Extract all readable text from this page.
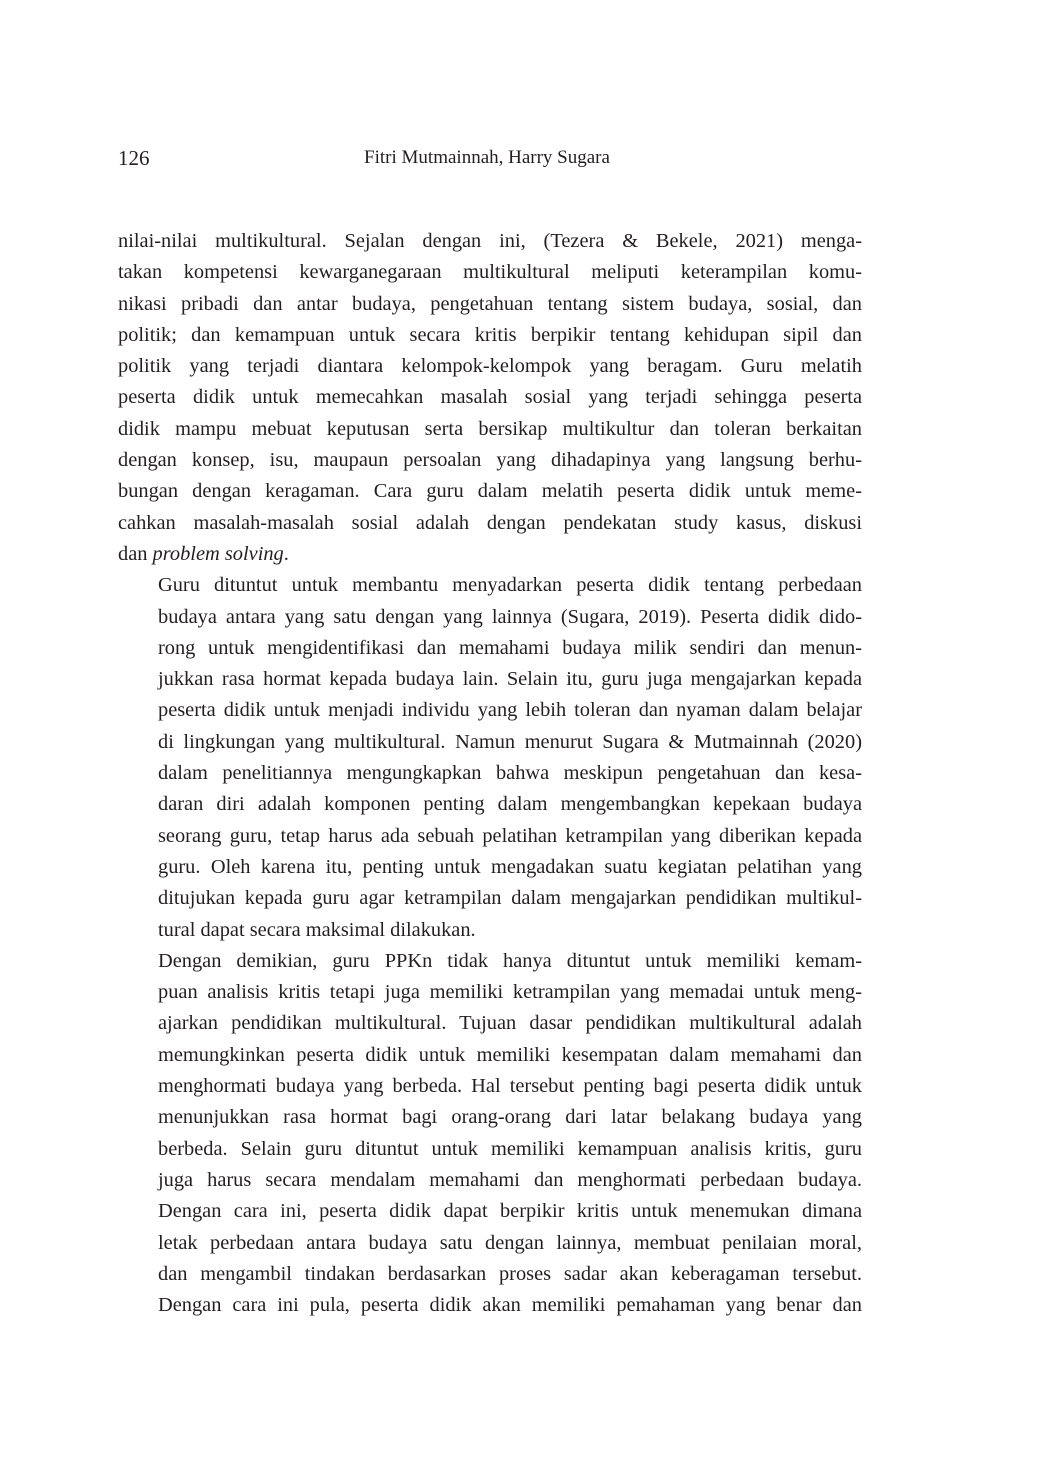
126	Fitri Mutmainnah, Harry Sugara

nilai-nilai multikultural. Sejalan dengan ini, (Tezera & Bekele, 2021) menga-
takan kompetensi kewarganegaraan multikultural meliputi keterampilan komu-
nikasi pribadi dan antar budaya, pengetahuan tentang sistem budaya, sosial, dan
politik; dan kemampuan untuk secara kritis berpikir tentang kehidupan sipil dan
politik yang terjadi diantara kelompok-kelompok yang beragam. Guru melatih
peserta didik untuk memecahkan masalah sosial yang terjadi sehingga peserta
didik mampu mebuat keputusan serta bersikap multikultur dan toleran berkaitan
dengan konsep, isu, maupaun persoalan yang dihadapinya yang langsung berhu-
bungan dengan keragaman. Cara guru dalam melatih peserta didik untuk meme-
cahkan masalah-masalah sosial adalah dengan pendekatan study kasus, diskusi
dan problem solving.

Guru dituntut untuk membantu menyadarkan peserta didik tentang perbedaan
budaya antara yang satu dengan yang lainnya (Sugara, 2019). Peserta didik dido-
rong untuk mengidentifikasi dan memahami budaya milik sendiri dan menun-
jukkan rasa hormat kepada budaya lain. Selain itu, guru juga mengajarkan kepada
peserta didik untuk menjadi individu yang lebih toleran dan nyaman dalam belajar
di lingkungan yang multikultural. Namun menurut Sugara & Mutmainnah (2020)
dalam penelitiannya mengungkapkan bahwa meskipun pengetahuan dan kesa-
daran diri adalah komponen penting dalam mengembangkan kepekaan budaya
seorang guru, tetap harus ada sebuah pelatihan ketrampilan yang diberikan kepada
guru. Oleh karena itu, penting untuk mengadakan suatu kegiatan pelatihan yang
ditujukan kepada guru agar ketrampilan dalam mengajarkan pendidikan multikul-
tural dapat secara maksimal dilakukan.

Dengan demikian, guru PPKn tidak hanya dituntut untuk memiliki kemam-
puan analisis kritis tetapi juga memiliki ketrampilan yang memadai untuk meng-
ajarkan pendidikan multikultural. Tujuan dasar pendidikan multikultural adalah
memungkinkan peserta didik untuk memiliki kesempatan dalam memahami dan
menghormati budaya yang berbeda. Hal tersebut penting bagi peserta didik untuk
menunjukkan rasa hormat bagi orang-orang dari latar belakang budaya yang
berbeda. Selain guru dituntut untuk memiliki kemampuan analisis kritis, guru
juga harus secara mendalam memahami dan menghormati perbedaan budaya.
Dengan cara ini, peserta didik dapat berpikir kritis untuk menemukan dimana
letak perbedaan antara budaya satu dengan lainnya, membuat penilaian moral,
dan mengambil tindakan berdasarkan proses sadar akan keberagaman tersebut.
Dengan cara ini pula, peserta didik akan memiliki pemahaman yang benar dan
